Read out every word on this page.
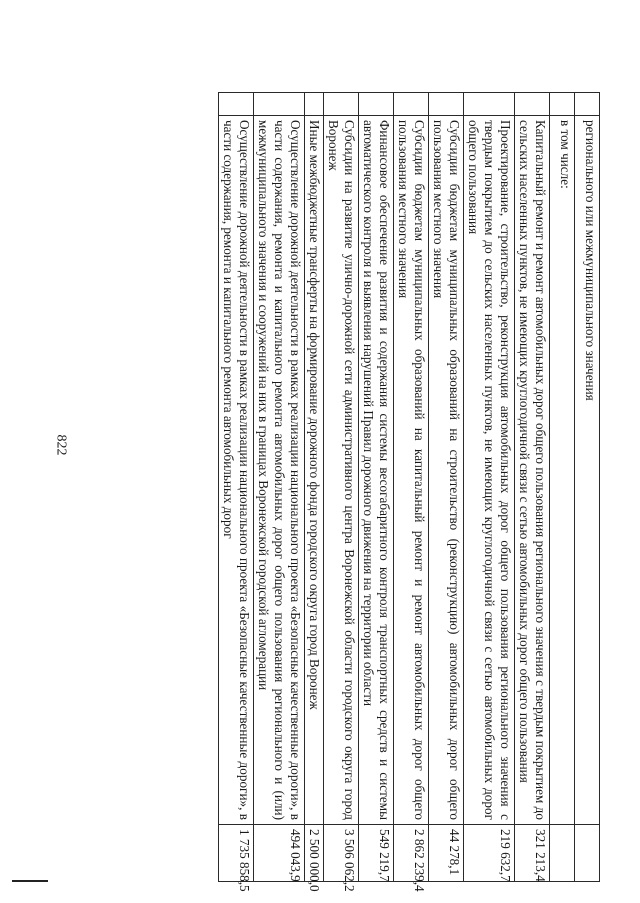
822
	регионального или межмуниципального значения	
	в том числе:	
	Капитальный ремонт и ремонт автомобильных дорог общего пользования регионального значения с твердым покрытием до сельских населенных пунктов, не имеющих круглогодичной связи с сетью автомобильных дорог общего пользования	321 213,4
	Проектирование, строительство, реконструкция автомобильных дорог общего пользования регионального значения с твердым покрытием до сельских населенных пунктов, не имеющих круглогодичной связи с сетью автомобильных дорог общего пользования	219 632,7
	Субсидии бюджетам муниципальных образований на строительство (реконструкцию) автомобильных дорог общего пользования местного значения	44 278,1
	Субсидии бюджетам муниципальных образований на капитальный ремонт и ремонт автомобильных дорог общего пользования местного значения	2 862 239,4
	Финансовое обеспечение развития и содержания системы весогабаритного контроля транспортных средств и системы автоматического контроля и выявления нарушений Правил дорожного движения на территории области	549 219,7
	Субсидии на развитие улично-дорожной сети административного центра Воронежской области городского округа город Воронеж	3 506 062,2
	Иные межбюджетные трансферты на формирование дорожного фонда городского округа город Воронеж	2 500 000,0
	Осуществление дорожной деятельности в рамках реализации национального проекта «Безопасные качественные дороги», в части содержания, ремонта и капитального ремонта автомобильных дорог общего пользования регионального и (или) межмуниципального значения и сооружений на них в границах Воронежской городской агломерации	494 043,9
	Осуществление дорожной деятельности в рамках реализации национального проекта «Безопасные качественные дороги», в части содержания, ремонта и капитального ремонта автомобильных дорог	1 735 858,5
